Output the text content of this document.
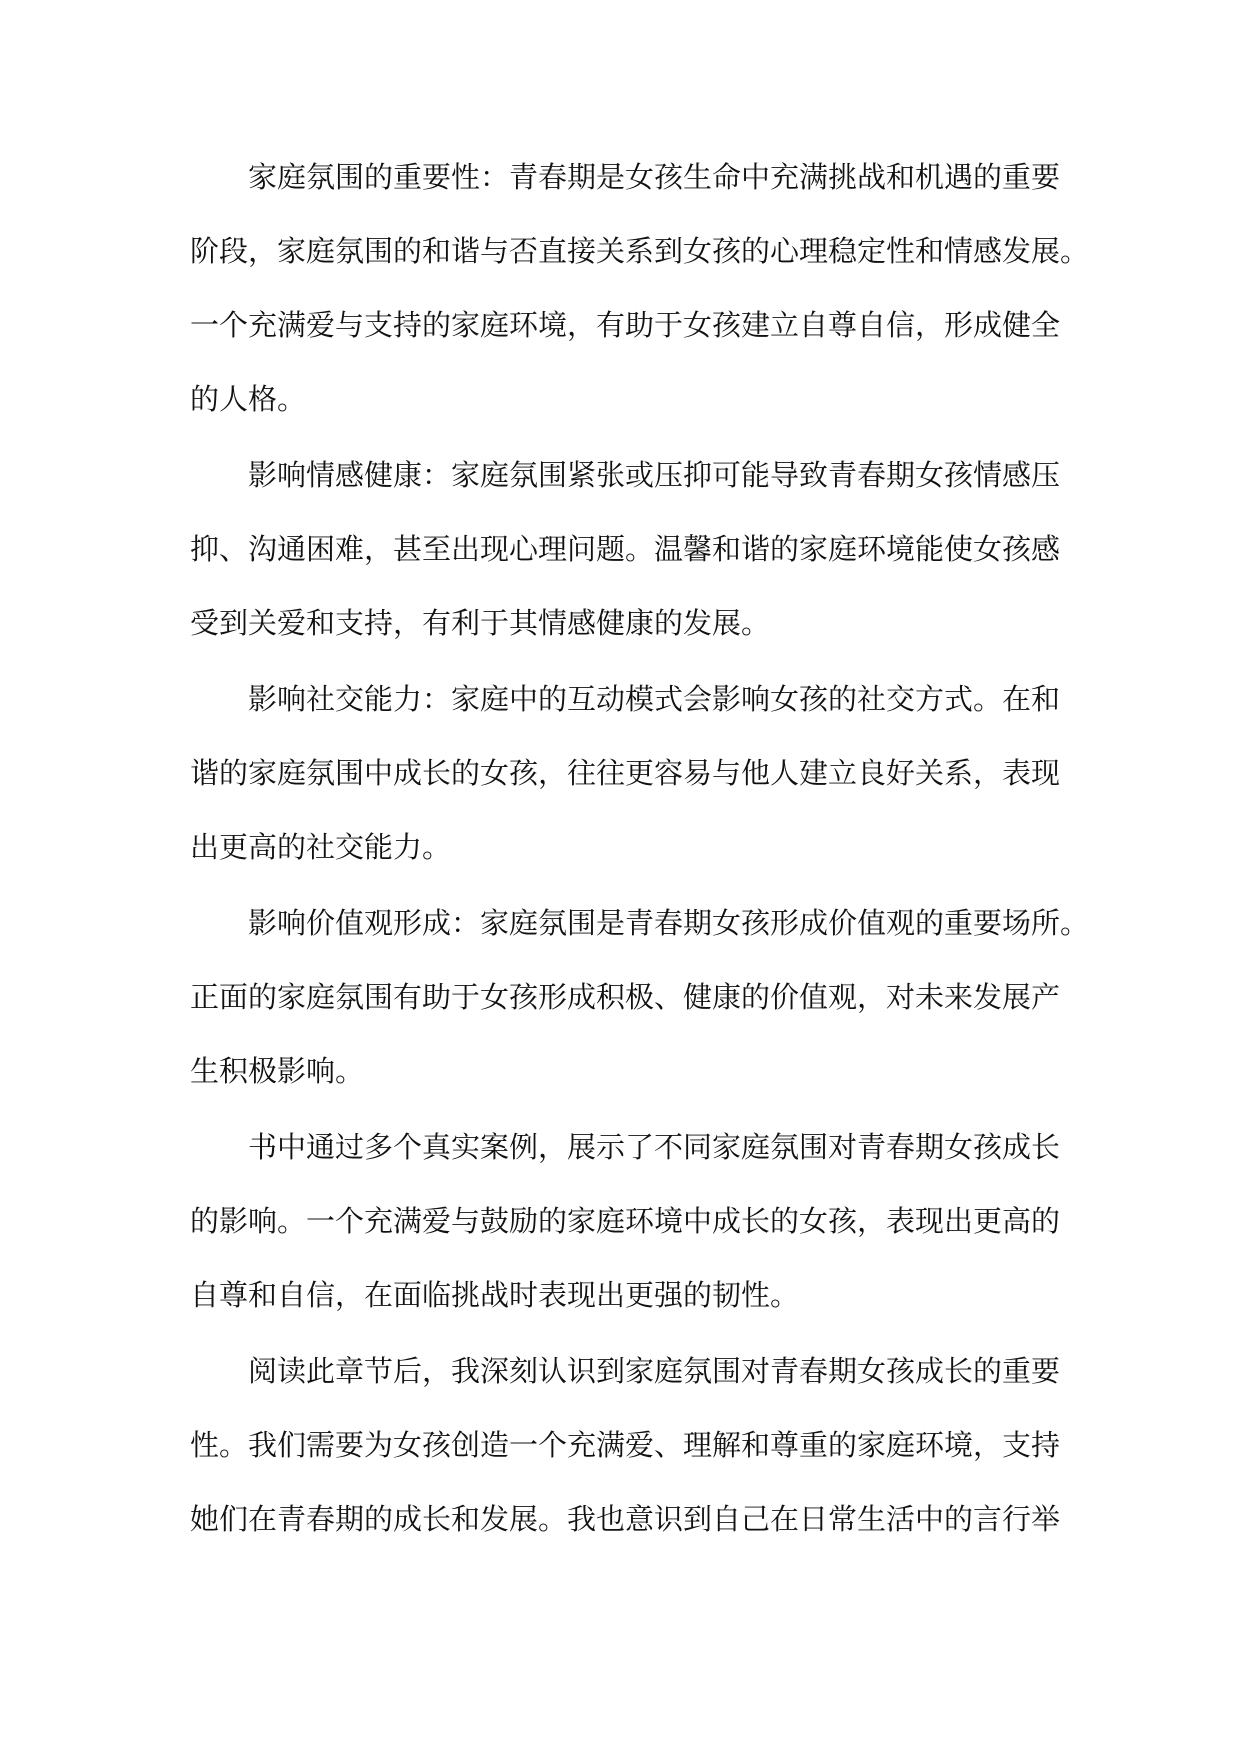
家庭氛围的重要性：青春期是女孩生命中充满挑战和机遇的重要
阶段，家庭氛围的和谐与否直接关系到女孩的心理稳定性和情感发展。
一个充满爱与支持的家庭环境，有助于女孩建立自尊自信，形成健全
的人格。

影响情感健康：家庭氛围紧张或压抑可能导致青春期女孩情感压
抑、沟通困难，甚至出现心理问题。温馨和谐的家庭环境能使女孩感
受到关爱和支持，有利于其情感健康的发展。

影响社交能力：家庭中的互动模式会影响女孩的社交方式。在和
谐的家庭氛围中成长的女孩，往往更容易与他人建立良好关系，表现
出更高的社交能力。

影响价值观形成：家庭氛围是青春期女孩形成价值观的重要场所。
正面的家庭氛围有助于女孩形成积极、健康的价值观，对未来发展产
生积极影响。

书中通过多个真实案例，展示了不同家庭氛围对青春期女孩成长
的影响。一个充满爱与鼓励的家庭环境中成长的女孩，表现出更高的
自尊和自信，在面临挑战时表现出更强的韧性。

阅读此章节后，我深刻认识到家庭氛围对青春期女孩成长的重要
性。我们需要为女孩创造一个充满爱、理解和尊重的家庭环境，支持
她们在青春期的成长和发展。我也意识到自己在日常生活中的言行举
